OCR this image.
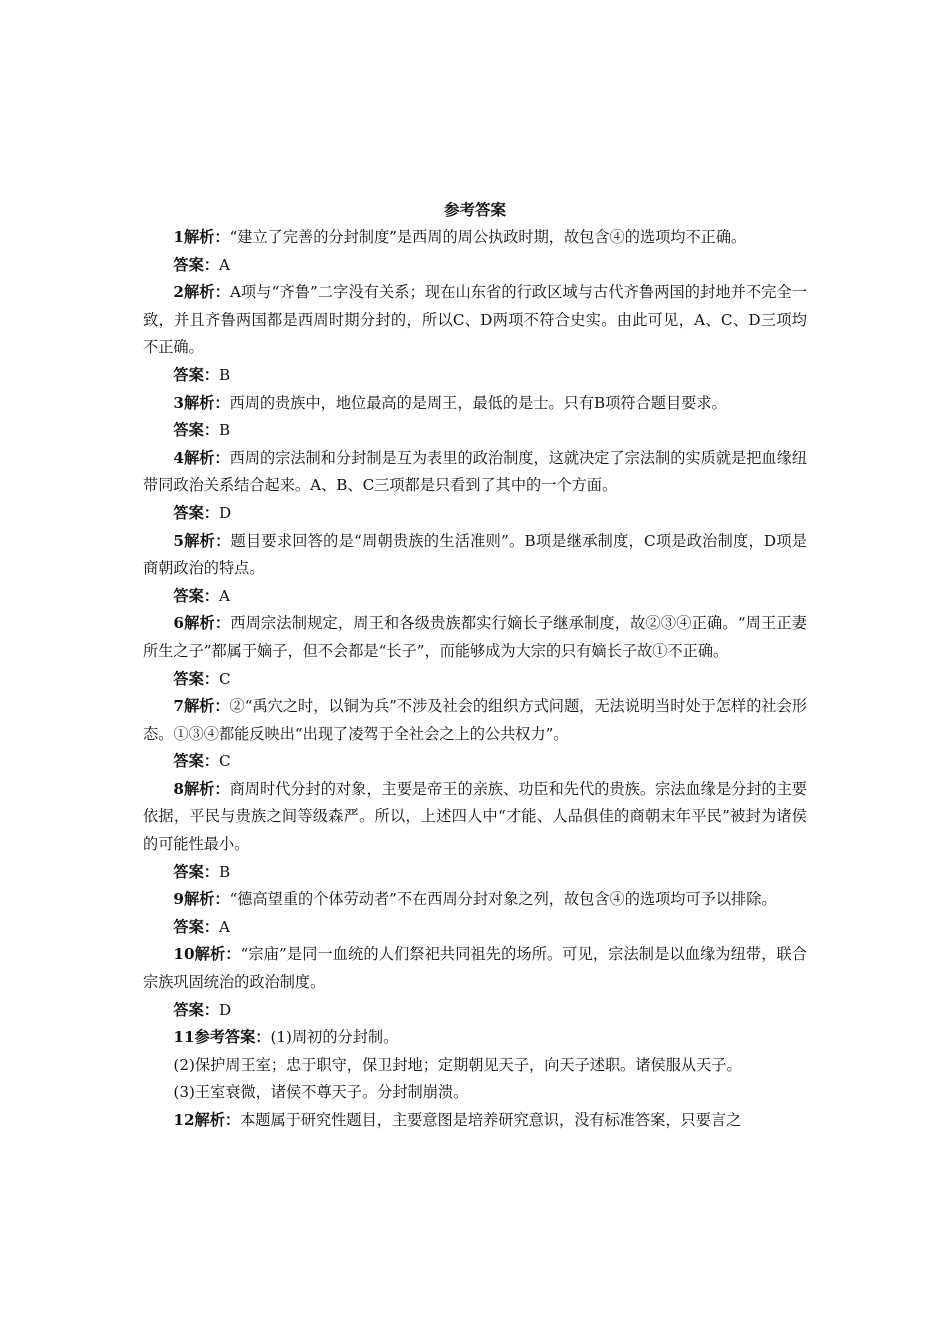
参考答案

1解析：“建立了完善的分封制度”是西周的周公执政时期，故包含④的选项均不正确。

答案：A

2解析：A项与“齐鲁”二字没有关系；现在山东省的行政区域与古代齐鲁两国的封地并不完全一致，并且齐鲁两国都是西周时期分封的，所以C、D两项不符合史实。由此可见，A、C、D三项均不正确。

答案：B

3解析：西周的贵族中，地位最高的是周王，最低的是士。只有B项符合题目要求。

答案：B

4解析：西周的宗法制和分封制是互为表里的政治制度，这就决定了宗法制的实质就是把血缘纽带同政治关系结合起来。A、B、C三项都是只看到了其中的一个方面。

答案：D

5解析：题目要求回答的是“周朝贵族的生活准则”。B项是继承制度，C项是政治制度，D项是商朝政治的特点。

答案：A

6解析：西周宗法制规定，周王和各级贵族都实行嫡长子继承制度，故②③④正确。“周王正妻所生之子”都属于嫡子，但不会都是“长子”，而能够成为大宗的只有嫡长子故①不正确。

答案：C

7解析：②“禹穴之时，以铜为兵”不涉及社会的组织方式问题，无法说明当时处于怎样的社会形态。①③④都能反映出“出现了凌驾于全社会之上的公共权力”。

答案：C

8解析：商周时代分封的对象，主要是帝王的亲族、功臣和先代的贵族。宗法血缘是分封的主要依据，平民与贵族之间等级森严。所以，上述四人中“才能、人品俱佳的商朝末年平民”被封为诸侯的可能性最小。

答案：B

9解析：“德高望重的个体劳动者”不在西周分封对象之列，故包含④的选项均可予以排除。

答案：A

10解析：“宗庙”是同一血统的人们祭祀共同祖先的场所。可见，宗法制是以血缘为纽带，联合宗族巩固统治的政治制度。

答案：D

11参考答案：(1)周初的分封制。

(2)保护周王室；忠于职守，保卫封地；定期朝见天子，向天子述职。诸侯服从天子。

(3)王室衰微，诸侯不尊天子。分封制崩溃。

12解析：本题属于研究性题目，主要意图是培养研究意识，没有标准答案，只要言之
